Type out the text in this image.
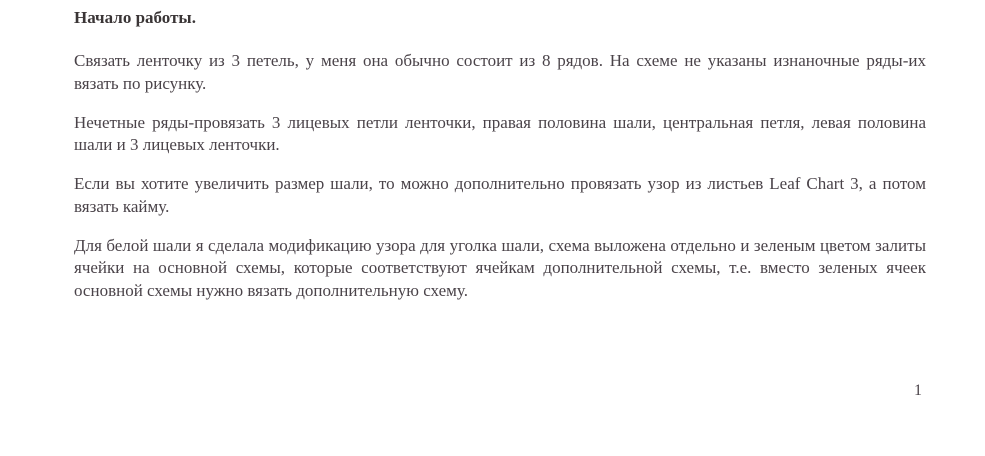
Начало работы.

Связать ленточку из 3 петель, у меня она обычно состоит из 8 рядов. На схеме не указаны изнаночные ряды-их вязать по рисунку.

Нечетные ряды-провязать 3 лицевых петли ленточки, правая половина шали, центральная петля, левая половина шали и 3 лицевых ленточки.

Если вы хотите увеличить размер шали, то можно дополнительно провязать узор из листьев Leaf Chart 3, а потом вязать кайму.

Для белой шали я сделала модификацию узора для уголка шали, схема выложена отдельно и зеленым цветом залиты ячейки на основной схемы, которые соответствуют ячейкам дополнительной схемы, т.е. вместо зеленых ячеек основной схемы нужно вязать дополнительную схему.

1
